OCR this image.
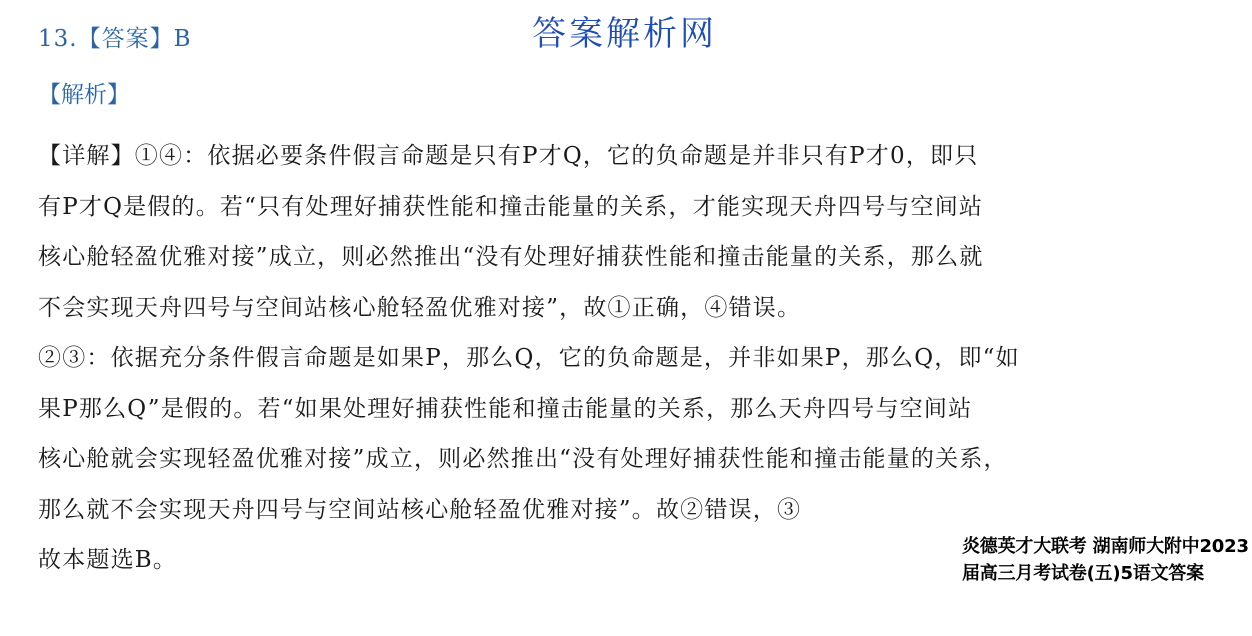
13.【答案】B	答案解析网
【解析】
【详解】①④：依据必要条件假言命题是只有P才Q，它的负命题是并非只有P才0，即只
有P才Q是假的。若“只有处理好捕获性能和撞击能量的关系，才能实现天舟四号与空间站
核心舱轻盈优雅对接”成立，则必然推出“没有处理好捕获性能和撞击能量的关系，那么就
不会实现天舟四号与空间站核心舱轻盈优雅对接”，故①正确，④错误。
②③：依据充分条件假言命题是如果P，那么Q，它的负命题是，并非如果P，那么Q，即“如
果P那么Q”是假的。若“如果处理好捕获性能和撞击能量的关系，那么天舟四号与空间站
核心舱就会实现轻盈优雅对接”成立，则必然推出“没有处理好捕获性能和撞击能量的关系，
那么就不会实现天舟四号与空间站核心舱轻盈优雅对接”。故②错误，③
故本题选B。
炎德英才大联考 湖南师大附中2023届高三月考试卷(五)5语文答案
